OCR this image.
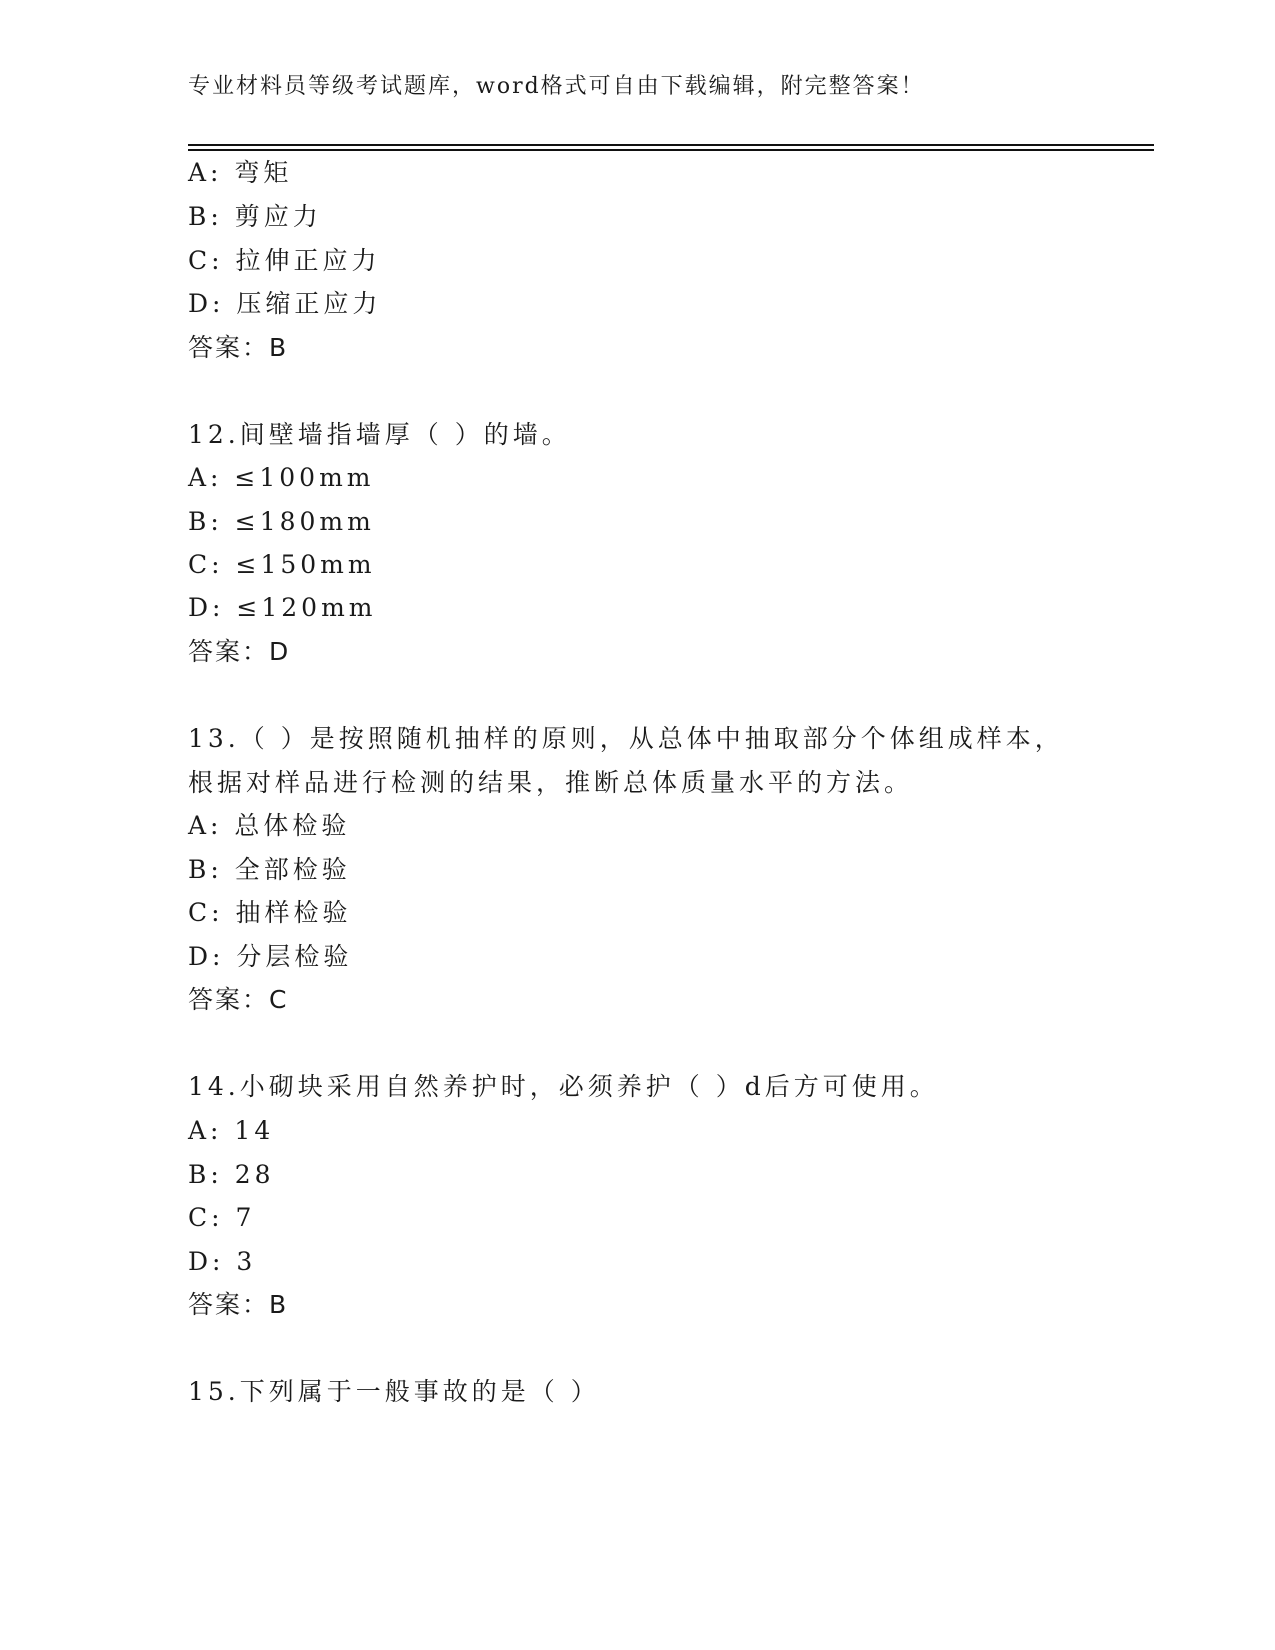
专业材料员等级考试题库，word格式可自由下载编辑，附完整答案！
A: 弯矩
B: 剪应力
C: 拉伸正应力
D: 压缩正应力
答案：B
12.间壁墙指墙厚（ ）的墙。
A: ≤100mm
B: ≤180mm
C: ≤150mm
D: ≤120mm
答案：D
13.（ ）是按照随机抽样的原则，从总体中抽取部分个体组成样本，
根据对样品进行检测的结果，推断总体质量水平的方法。
A: 总体检验
B: 全部检验
C: 抽样检验
D: 分层检验
答案：C
14.小砌块采用自然养护时，必须养护（ ）d后方可使用。
A: 14
B: 28
C: 7
D: 3
答案：B
15.下列属于一般事故的是（ ）
